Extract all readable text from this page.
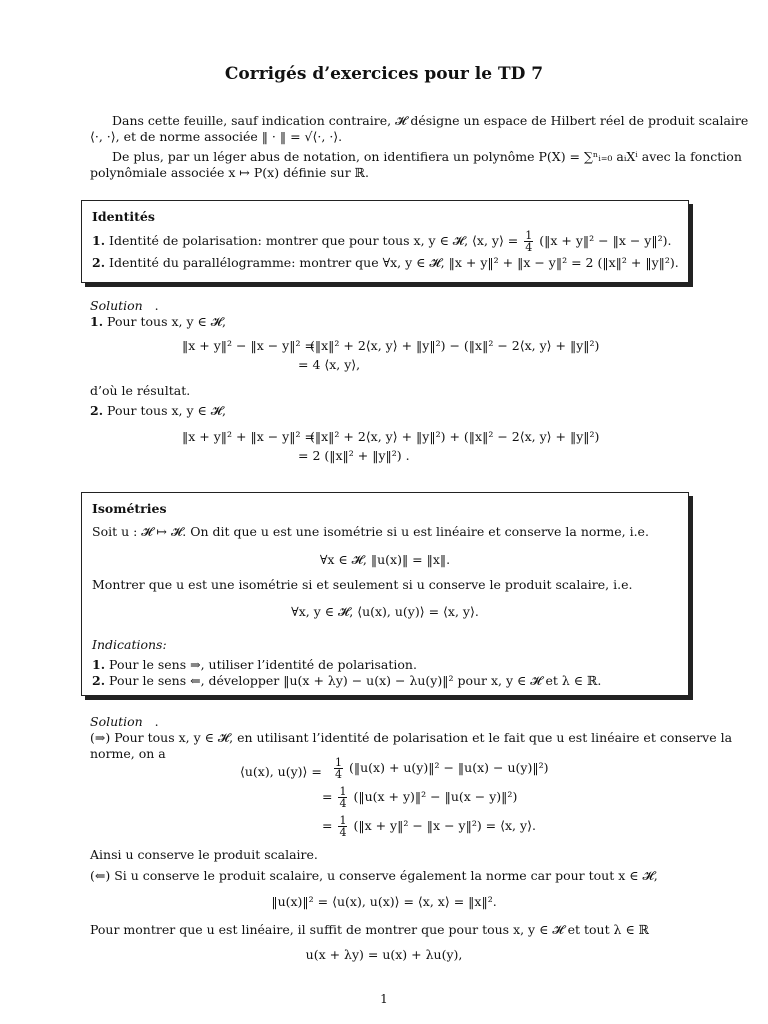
Corrigés d’exercices pour le TD 7
Dans cette feuille, sauf indication contraire, 𝓗 désigne un espace de Hilbert réel de produit scalaire
⟨·, ·⟩, et de norme associée ‖ · ‖ = √⟨·, ·⟩.
De plus, par un léger abus de notation, on identifiera un polynôme P(X) = ∑ⁿᵢ₌₀ aᵢXⁱ avec la fonction
polynômiale associée x ↦ P(x) définie sur ℝ.
Identités
1. Identité de polarisation: montrer que pour tous x, y ∈ 𝓗, ⟨x, y⟩ = $\frac{1}{4}$ (‖x + y‖² − ‖x − y‖²).
2. Identité du parallélogramme: montrer que ∀x, y ∈ 𝓗, ‖x + y‖² + ‖x − y‖² = 2 (‖x‖² + ‖y‖²).
Solution .
1. Pour tous x, y ∈ 𝓗,
‖x + y‖² − ‖x − y‖² =
(‖x‖² + 2⟨x, y⟩ + ‖y‖²) − (‖x‖² − 2⟨x, y⟩ + ‖y‖²)
= 4 ⟨x, y⟩,
d’où le résultat.
2. Pour tous x, y ∈ 𝓗,
‖x + y‖² + ‖x − y‖² =
(‖x‖² + 2⟨x, y⟩ + ‖y‖²) + (‖x‖² − 2⟨x, y⟩ + ‖y‖²)
= 2 (‖x‖² + ‖y‖²) .
Isométries
Soit u : 𝓗 ↦ 𝓗. On dit que u est une isométrie si u est linéaire et conserve la norme, i.e.
∀x ∈ 𝓗, ‖u(x)‖ = ‖x‖.
Montrer que u est une isométrie si et seulement si u conserve le produit scalaire, i.e.
∀x, y ∈ 𝓗, ⟨u(x), u(y)⟩ = ⟨x, y⟩.
Indications:
1. Pour le sens ⇒, utiliser l’identité de polarisation.
2. Pour le sens ⇐, développer ‖u(x + λy) − u(x) − λu(y)‖² pour x, y ∈ 𝓗 et λ ∈ ℝ.
Solution .
(⇒) Pour tous x, y ∈ 𝓗, en utilisant l’identité de polarisation et le fait que u est linéaire et conserve la
norme, on a
⟨u(x), u(y)⟩ = $\frac{1}{4}$ (‖u(x) + u(y)‖² − ‖u(x) − u(y)‖²)
= $\frac{1}{4}$ (‖u(x + y)‖² − ‖u(x − y)‖²)
= $\frac{1}{4}$ (‖x + y‖² − ‖x − y‖²) = ⟨x, y⟩.
Ainsi u conserve le produit scalaire.
(⇐) Si u conserve le produit scalaire, u conserve également la norme car pour tout x ∈ 𝓗,
‖u(x)‖² = ⟨u(x), u(x)⟩ = ⟨x, x⟩ = ‖x‖².
Pour montrer que u est linéaire, il suffit de montrer que pour tous x, y ∈ 𝓗 et tout λ ∈ ℝ
u(x + λy) = u(x) + λu(y),
1
